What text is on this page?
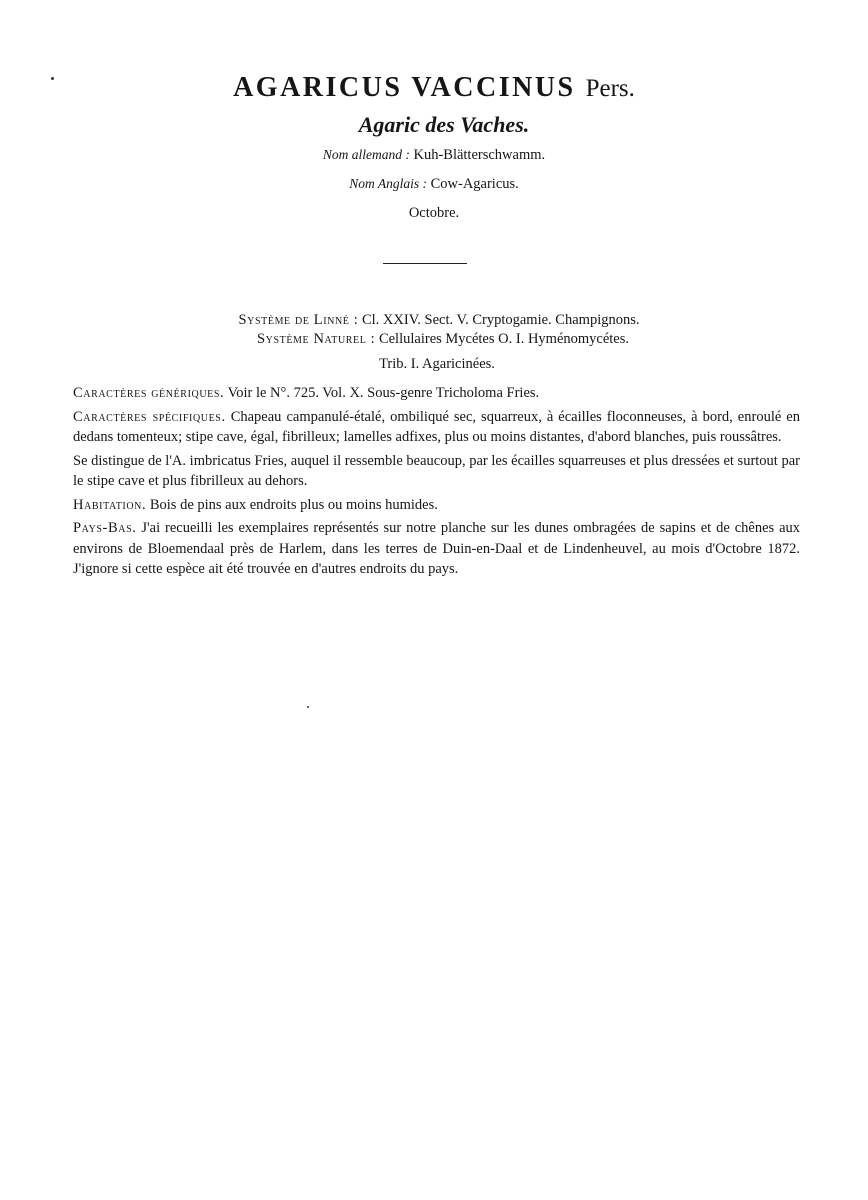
AGARICUS VACCINUS Pers.
Agaric des Vaches.
Nom allemand : Kuh-Blätterschwamm.
Nom Anglais : Cow-Agaricus.
Octobre.
Système de Linné : Cl. XXIV. Sect. V. Cryptogamie. Champignons.
Système Naturel : Cellulaires Mycétes O. I. Hyménomycétes.
Trib. I. Agaricinées.

Caractères génériques. Voir le N°. 725. Vol. X. Sous-genre Tricholoma Fries.

Caractères spécifiques. Chapeau campanulé-étalé, ombiliqué sec, squarreux, à écailles floconneuses, à bord, enroulé en dedans tomenteux; stipe cave, égal, fibrilleux; lamelles adfixes, plus ou moins distantes, d'abord blanches, puis roussâtres.

Se distingue de l'A. imbricatus Fries, auquel il ressemble beaucoup, par les écailles squarreuses et plus dressées et surtout par le stipe cave et plus fibrilleux au dehors.

Habitation. Bois de pins aux endroits plus ou moins humides.

Pays-Bas. J'ai recueilli les exemplaires représentés sur notre planche sur les dunes ombragées de sapins et de chênes aux environs de Bloemendaal près de Harlem, dans les terres de Duin-en-Daal et de Lindenheuvel, au mois d'Octobre 1872. J'ignore si cette espèce ait été trouvée en d'autres endroits du pays.
